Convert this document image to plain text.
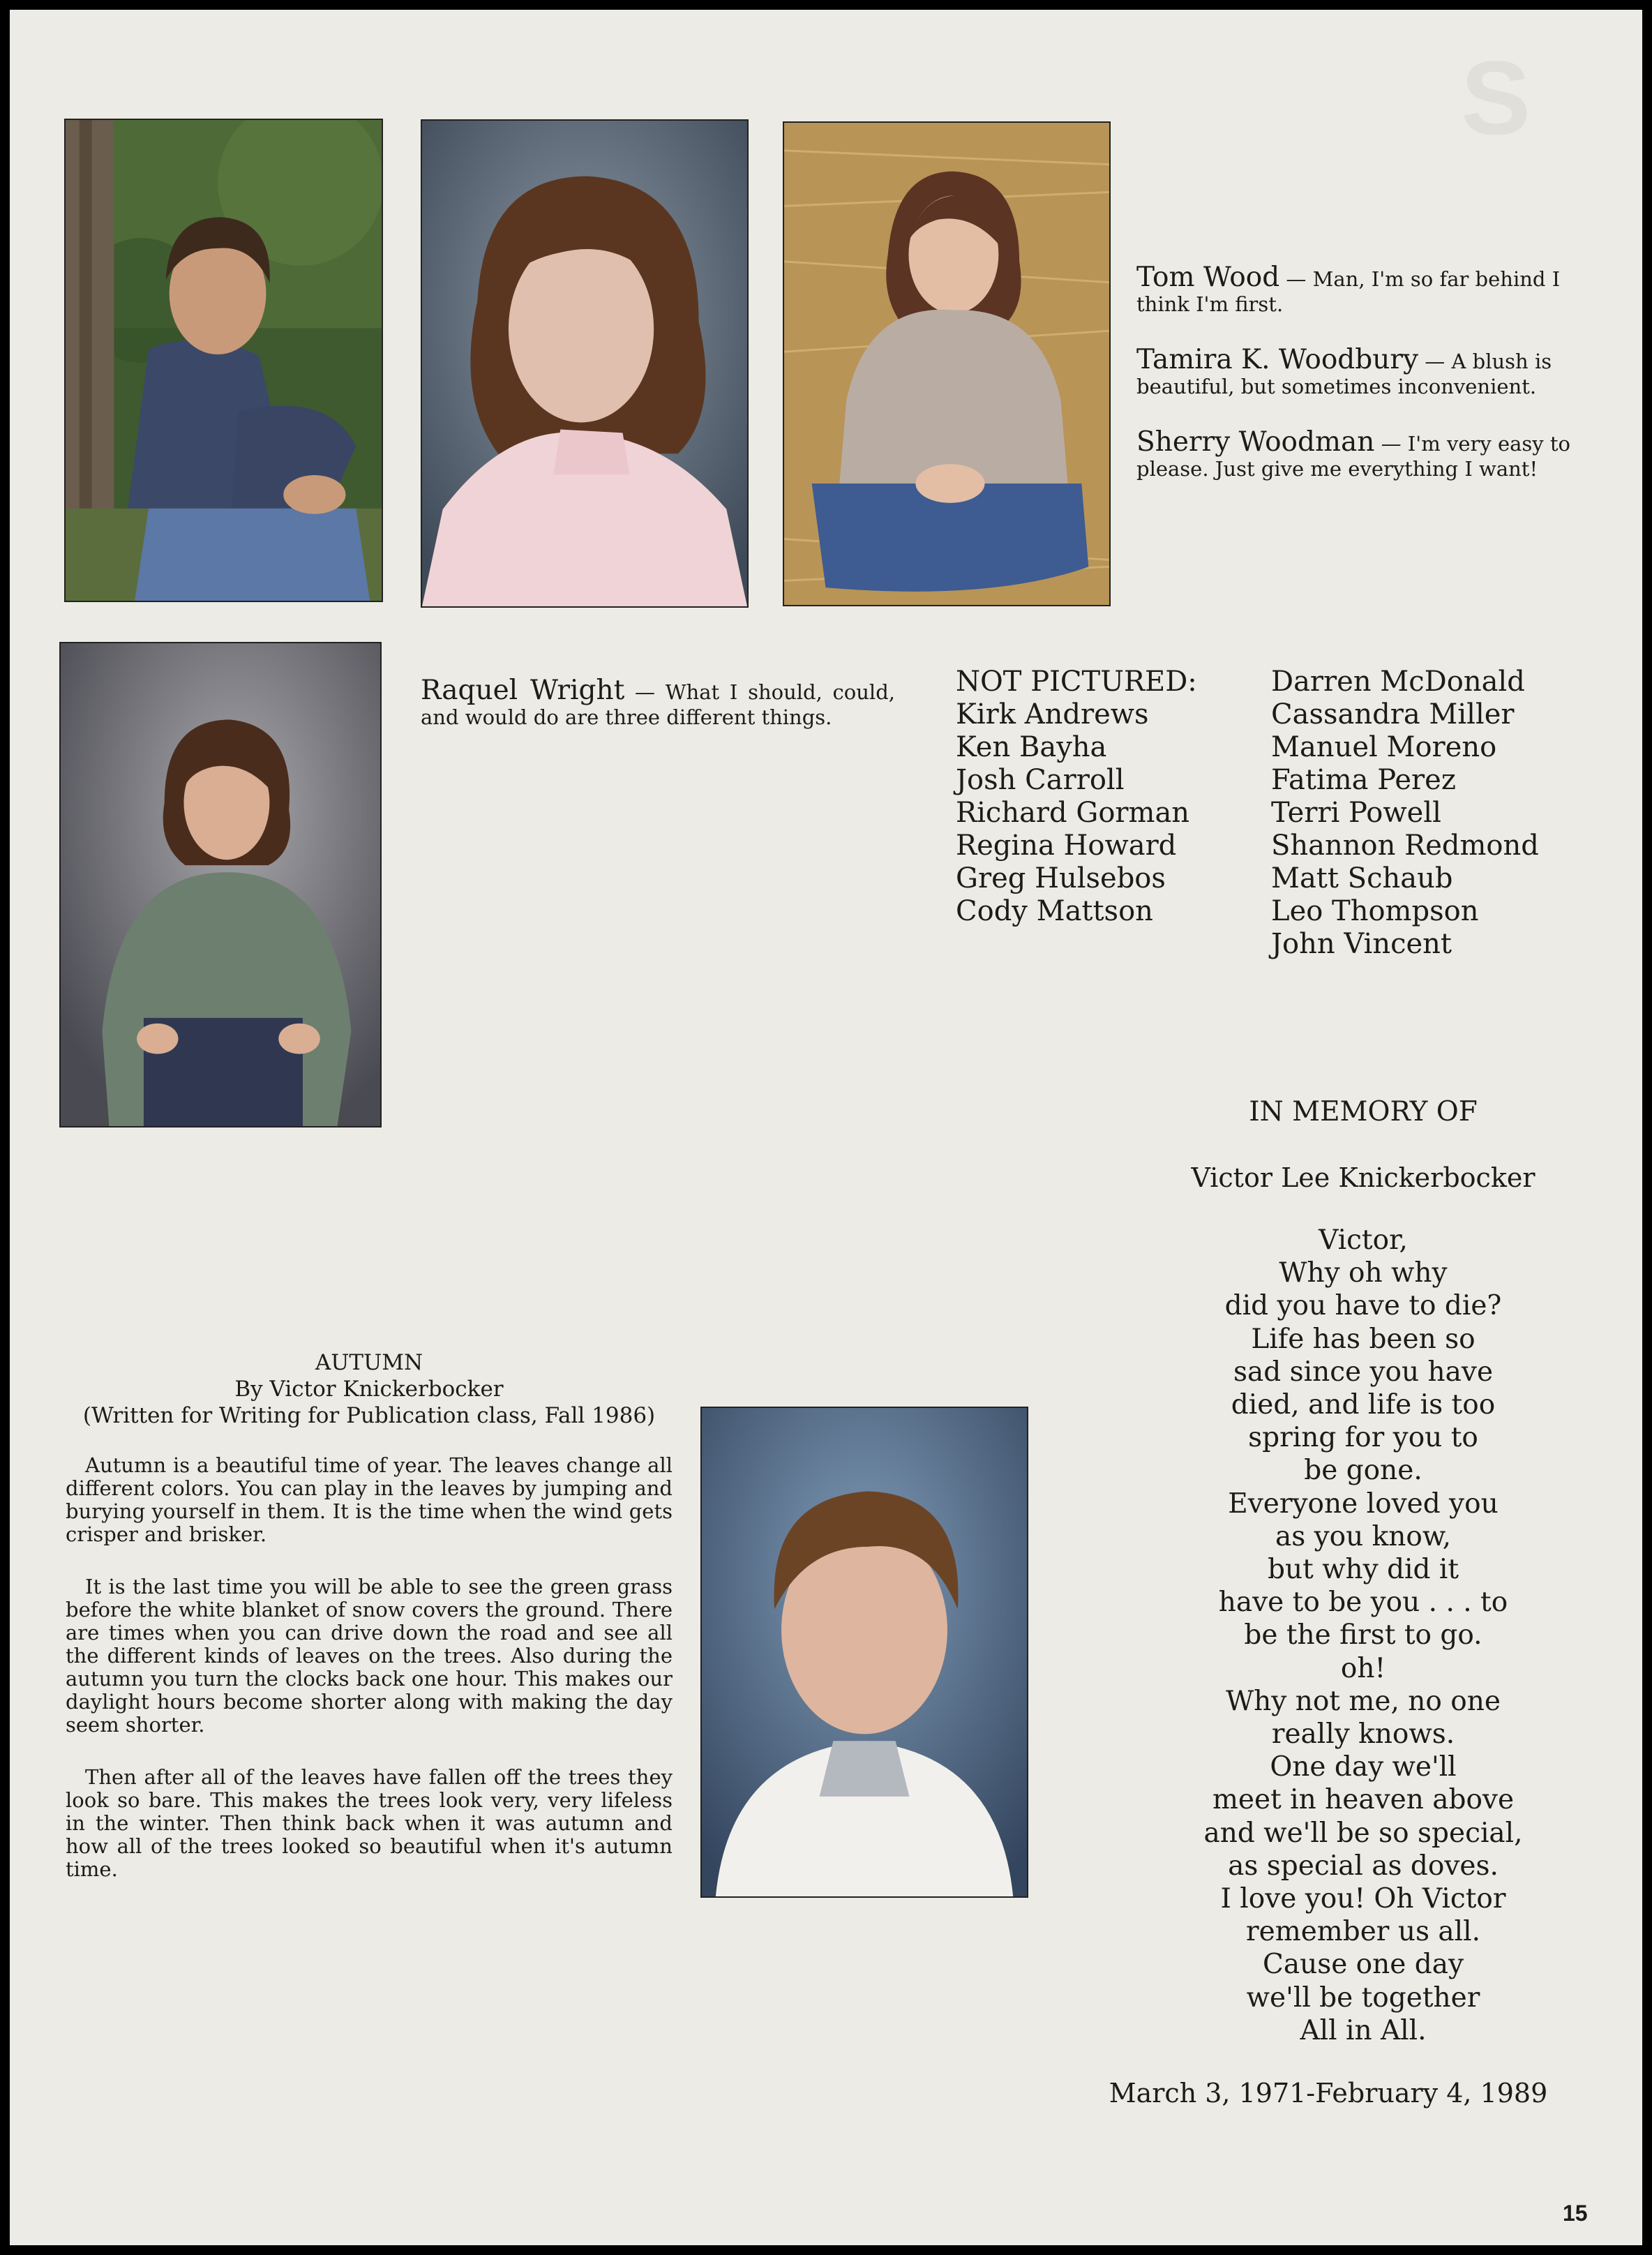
S
Tom Wood — Man, I'm so far behind I think I'm first.
Tamira K. Woodbury — A blush is beautiful, but sometimes inconvenient.
Sherry Woodman — I'm very easy to please. Just give me everything I want!
Raquel Wright — What I should, could, and would do are three different things.
NOT PICTURED:
Kirk Andrews
Ken Bayha
Josh Carroll
Richard Gorman
Regina Howard
Greg Hulsebos
Cody Mattson
Darren McDonald
Cassandra Miller
Manuel Moreno
Fatima Perez
Terri Powell
Shannon Redmond
Matt Schaub
Leo Thompson
John Vincent
IN MEMORY OF
Victor Lee Knickerbocker
Victor,
Why oh why
did you have to die?
Life has been so
sad since you have
died, and life is too
spring for you to
be gone.
Everyone loved you
as you know,
but why did it
have to be you . . . to
be the first to go.
oh!
Why not me, no one
really knows.
One day we'll
meet in heaven above
and we'll be so special,
as special as doves.
I love you! Oh Victor
remember us all.
Cause one day
we'll be together
All in All.
March 3, 1971-February 4, 1989
AUTUMN
By Victor Knickerbocker
(Written for Writing for Publication class, Fall 1986)

Autumn is a beautiful time of year. The leaves change all different colors. You can play in the leaves by jumping and burying yourself in them. It is the time when the wind gets crisper and brisker.

It is the last time you will be able to see the green grass before the white blanket of snow covers the ground. There are times when you can drive down the road and see all the different kinds of leaves on the trees. Also during the autumn you turn the clocks back one hour. This makes our daylight hours become shorter along with making the day seem shorter.

Then after all of the leaves have fallen off the trees they look so bare. This makes the trees look very, very lifeless in the winter. Then think back when it was autumn and how all of the trees looked so beautiful when it's autumn time.

15
